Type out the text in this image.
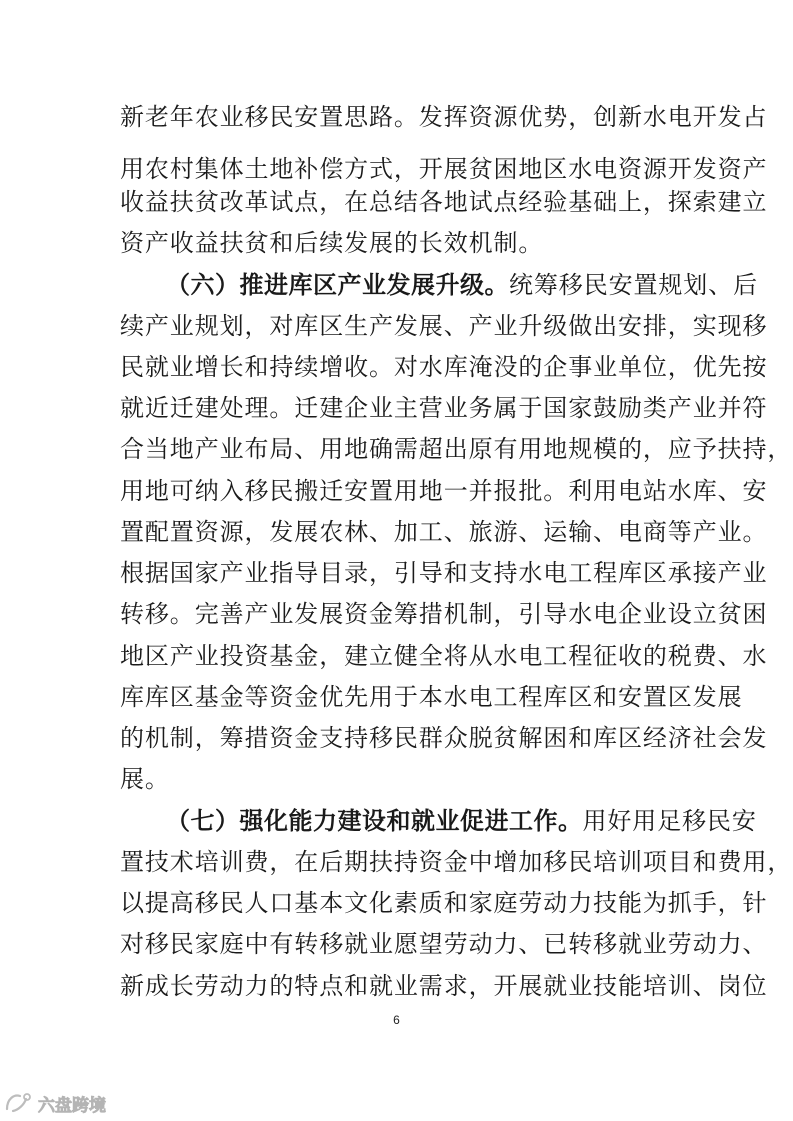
新老年农业移民安置思路。发挥资源优势，创新水电开发占
用农村集体土地补偿方式，开展贫困地区水电资源开发资产
收益扶贫改革试点，在总结各地试点经验基础上，探索建立
资产收益扶贫和后续发展的长效机制。
（六）推进库区产业发展升级。统筹移民安置规划、后
续产业规划，对库区生产发展、产业升级做出安排，实现移
民就业增长和持续增收。对水库淹没的企事业单位，优先按
就近迁建处理。迁建企业主营业务属于国家鼓励类产业并符
合当地产业布局、用地确需超出原有用地规模的，应予扶持，
用地可纳入移民搬迁安置用地一并报批。利用电站水库、安
置配置资源，发展农林、加工、旅游、运输、电商等产业。
根据国家产业指导目录，引导和支持水电工程库区承接产业
转移。完善产业发展资金筹措机制，引导水电企业设立贫困
地区产业投资基金，建立健全将从水电工程征收的税费、水
库库区基金等资金优先用于本水电工程库区和安置区发展
的机制，筹措资金支持移民群众脱贫解困和库区经济社会发
展。
（七）强化能力建设和就业促进工作。用好用足移民安
置技术培训费，在后期扶持资金中增加移民培训项目和费用，
以提高移民人口基本文化素质和家庭劳动力技能为抓手，针
对移民家庭中有转移就业愿望劳动力、已转移就业劳动力、
新成长劳动力的特点和就业需求，开展就业技能培训、岗位
6
六盘跨境
